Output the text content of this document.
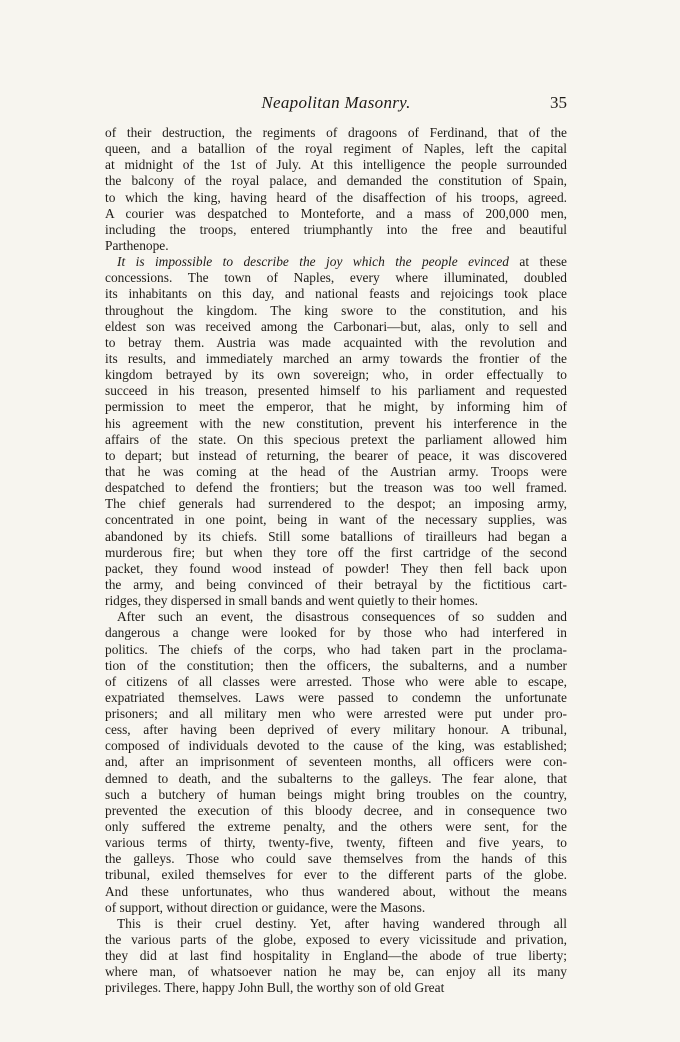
Neapolitan Masonry.	35
of their destruction, the regiments of dragoons of Ferdinand, that of the
queen, and a batallion of the royal regiment of Naples, left the capital
at midnight of the 1st of July. At this intelligence the people surrounded
the balcony of the royal palace, and demanded the constitution of Spain,
to which the king, having heard of the disaffection of his troops, agreed.
A courier was despatched to Monteforte, and a mass of 200,000 men,
including the troops, entered triumphantly into the free and beautiful
Parthenope.
It is impossible to describe the joy which the people evinced at these
concessions. The town of Naples, every where illuminated, doubled
its inhabitants on this day, and national feasts and rejoicings took place
throughout the kingdom. The king swore to the constitution, and his
eldest son was received among the Carbonari—but, alas, only to sell and
to betray them. Austria was made acquainted with the revolution and
its results, and immediately marched an army towards the frontier of the
kingdom betrayed by its own sovereign; who, in order effectually to
succeed in his treason, presented himself to his parliament and requested
permission to meet the emperor, that he might, by informing him of
his agreement with the new constitution, prevent his interference in the
affairs of the state. On this specious pretext the parliament allowed him
to depart; but instead of returning, the bearer of peace, it was discovered
that he was coming at the head of the Austrian army. Troops were
despatched to defend the frontiers; but the treason was too well framed.
The chief generals had surrendered to the despot; an imposing army,
concentrated in one point, being in want of the necessary supplies, was
abandoned by its chiefs. Still some batallions of tirailleurs had began a
murderous fire; but when they tore off the first cartridge of the second
packet, they found wood instead of powder! They then fell back upon
the army, and being convinced of their betrayal by the fictitious cart-
ridges, they dispersed in small bands and went quietly to their homes.
After such an event, the disastrous consequences of so sudden and
dangerous a change were looked for by those who had interfered in
politics. The chiefs of the corps, who had taken part in the proclama-
tion of the constitution; then the officers, the subalterns, and a number
of citizens of all classes were arrested. Those who were able to escape,
expatriated themselves. Laws were passed to condemn the unfortunate
prisoners; and all military men who were arrested were put under pro-
cess, after having been deprived of every military honour. A tribunal,
composed of individuals devoted to the cause of the king, was established;
and, after an imprisonment of seventeen months, all officers were con-
demned to death, and the subalterns to the galleys. The fear alone, that
such a butchery of human beings might bring troubles on the country,
prevented the execution of this bloody decree, and in consequence two
only suffered the extreme penalty, and the others were sent, for the
various terms of thirty, twenty-five, twenty, fifteen and five years, to
the galleys. Those who could save themselves from the hands of this
tribunal, exiled themselves for ever to the different parts of the globe.
And these unfortunates, who thus wandered about, without the means
of support, without direction or guidance, were the Masons.
This is their cruel destiny. Yet, after having wandered through all
the various parts of the globe, exposed to every vicissitude and privation,
they did at last find hospitality in England—the abode of true liberty;
where man, of whatsoever nation he may be, can enjoy all its many
privileges. There, happy John Bull, the worthy son of old Great
